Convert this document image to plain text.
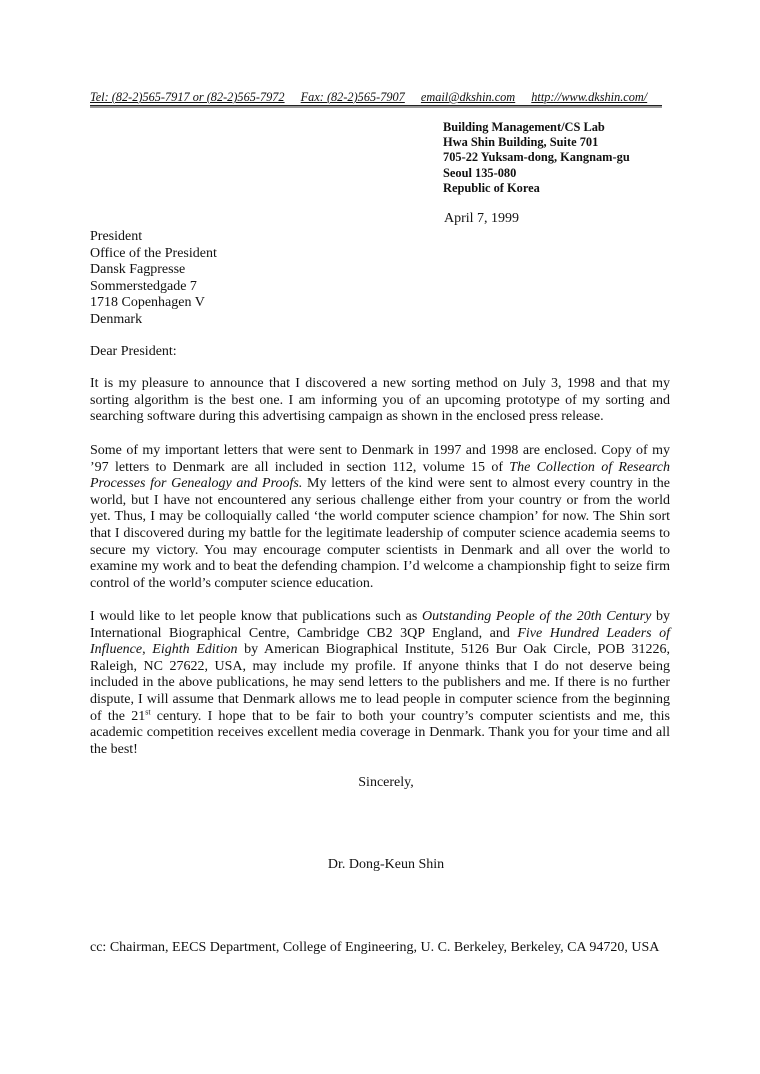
Tel: (82-2)565-7917 or (82-2)565-7972 Fax: (82-2)565-7907 email@dkshin.com http://www.dkshin.com/
Building Management/CS Lab
Hwa Shin Building, Suite 701
705-22 Yuksam-dong, Kangnam-gu
Seoul 135-080
Republic of Korea
April 7, 1999
President
Office of the President
Dansk Fagpresse
Sommerstedgade 7
1718 Copenhagen V
Denmark
Dear President:
It is my pleasure to announce that I discovered a new sorting method on July 3, 1998 and that my sorting algorithm is the best one. I am informing you of an upcoming prototype of my sorting and searching software during this advertising campaign as shown in the enclosed press release.
Some of my important letters that were sent to Denmark in 1997 and 1998 are enclosed. Copy of my ’97 letters to Denmark are all included in section 112, volume 15 of The Collection of Research Processes for Genealogy and Proofs. My letters of the kind were sent to almost every country in the world, but I have not encountered any serious challenge either from your country or from the world yet. Thus, I may be colloquially called ‘the world computer science champion’ for now. The Shin sort that I discovered during my battle for the legitimate leadership of computer science academia seems to secure my victory. You may encourage computer scientists in Denmark and all over the world to examine my work and to beat the defending champion. I’d welcome a championship fight to seize firm control of the world’s computer science education.
I would like to let people know that publications such as Outstanding People of the 20th Century by International Biographical Centre, Cambridge CB2 3QP England, and Five Hundred Leaders of Influence, Eighth Edition by American Biographical Institute, 5126 Bur Oak Circle, POB 31226, Raleigh, NC 27622, USA, may include my profile. If anyone thinks that I do not deserve being included in the above publications, he may send letters to the publishers and me. If there is no further dispute, I will assume that Denmark allows me to lead people in computer science from the beginning of the 21st century. I hope that to be fair to both your country’s computer scientists and me, this academic competition receives excellent media coverage in Denmark. Thank you for your time and all the best!
Sincerely,
Dr. Dong-Keun Shin
cc: Chairman, EECS Department, College of Engineering, U. C. Berkeley, Berkeley, CA 94720, USA
